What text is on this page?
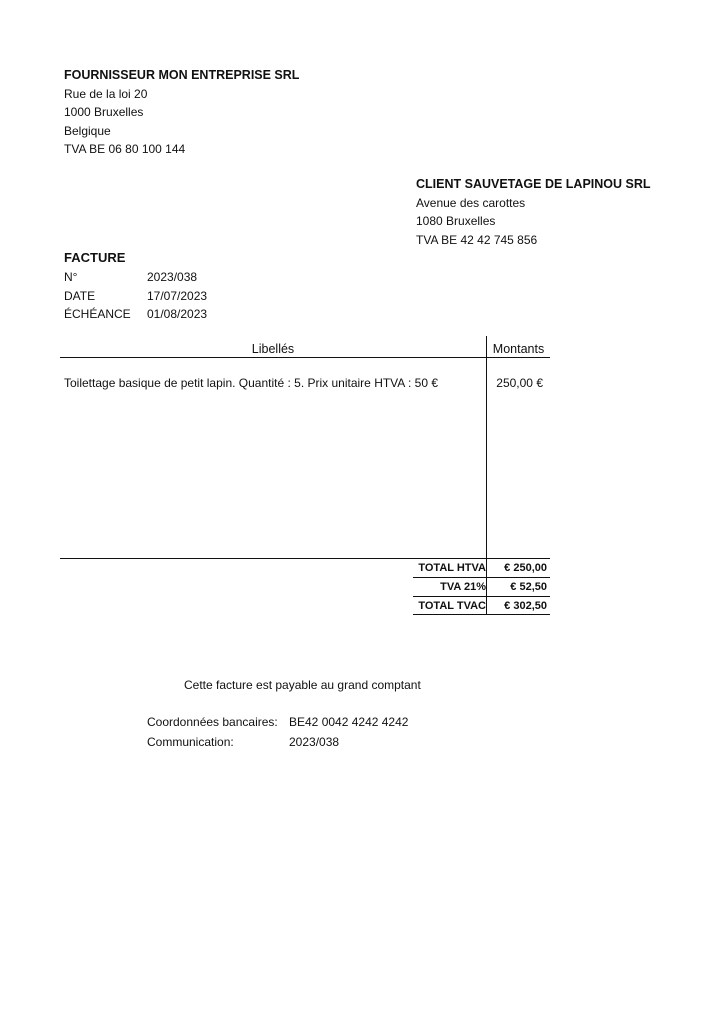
FOURNISSEUR MON ENTREPRISE SRL
Rue de la loi 20
1000 Bruxelles
Belgique
TVA BE 06 80 100 144
CLIENT SAUVETAGE DE LAPINOU SRL
Avenue des carottes
1080 Bruxelles
TVA BE 42 42 745 856
FACTURE
N°	2023/038
DATE	17/07/2023
ÉCHÉANCE	01/08/2023
Libellés	Montants
Toilettage basique de petit lapin. Quantité : 5. Prix unitaire HTVA : 50 €	250,00 €
TOTAL HTVA	€ 250,00
TVA 21%	€ 52,50
TOTAL TVAC	€ 302,50
Cette facture est payable au grand comptant
Coordonnées bancaires: BE42 0042 4242 4242
Communication:	2023/038
